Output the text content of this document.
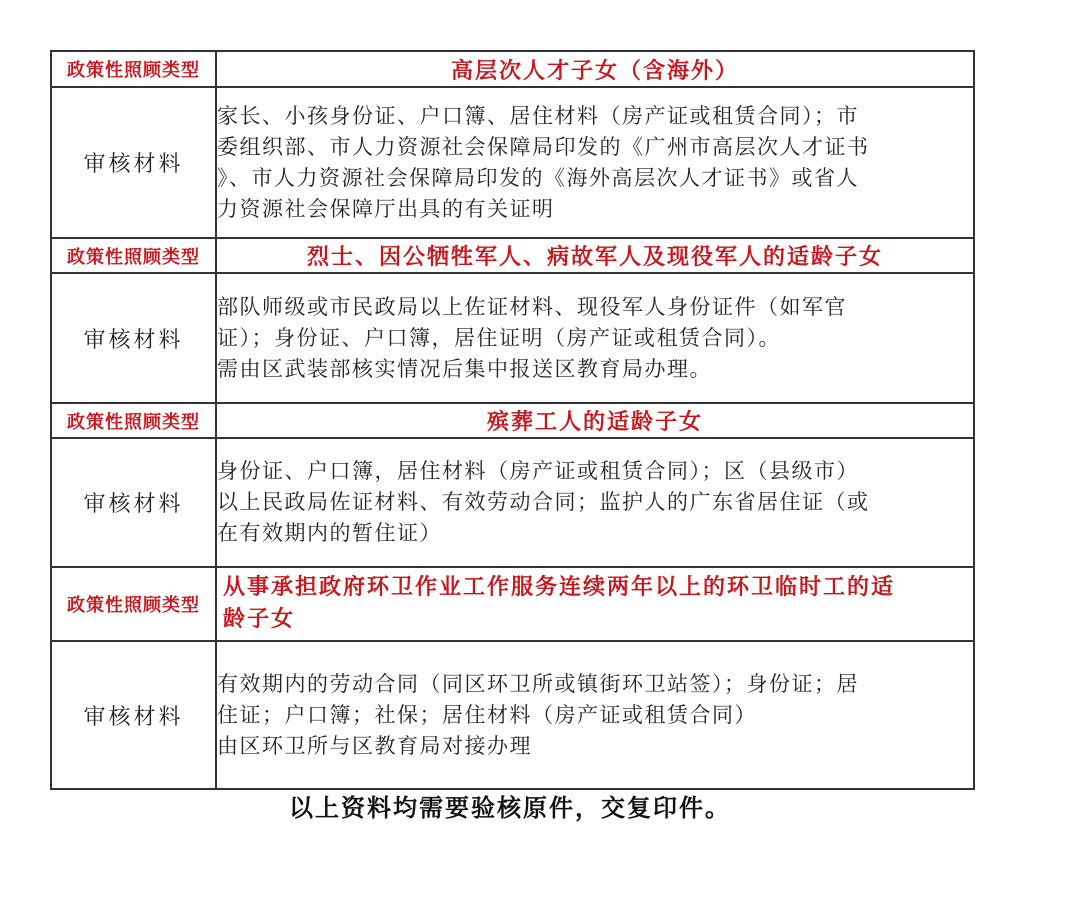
政策性照顾类型	高层次人才子女（含海外）
审核材料	家长、小孩身份证、户口簿、居住材料（房产证或租赁合同）；市
委组织部、市人力资源社会保障局印发的《广州市高层次人才证书
》、市人力资源社会保障局印发的《海外高层次人才证书》或省人
力资源社会保障厅出具的有关证明

政策性照顾类型	烈士、因公牺牲军人、病故军人及现役军人的适龄子女
审核材料	部队师级或市民政局以上佐证材料、现役军人身份证件（如军官
证）；身份证、户口簿，居住证明（房产证或租赁合同）。
需由区武装部核实情况后集中报送区教育局办理。

政策性照顾类型	殡葬工人的适龄子女
审核材料	身份证、户口簿，居住材料（房产证或租赁合同）；区（县级市）
以上民政局佐证材料、有效劳动合同；监护人的广东省居住证（或
在有效期内的暂住证）

政策性照顾类型	从事承担政府环卫作业工作服务连续两年以上的环卫临时工的适
龄子女

审核材料	有效期内的劳动合同（同区环卫所或镇街环卫站签）；身份证；居
住证；户口簿；社保；居住材料（房产证或租赁合同）
由区环卫所与区教育局对接办理
以上资料均需要验核原件，交复印件。
